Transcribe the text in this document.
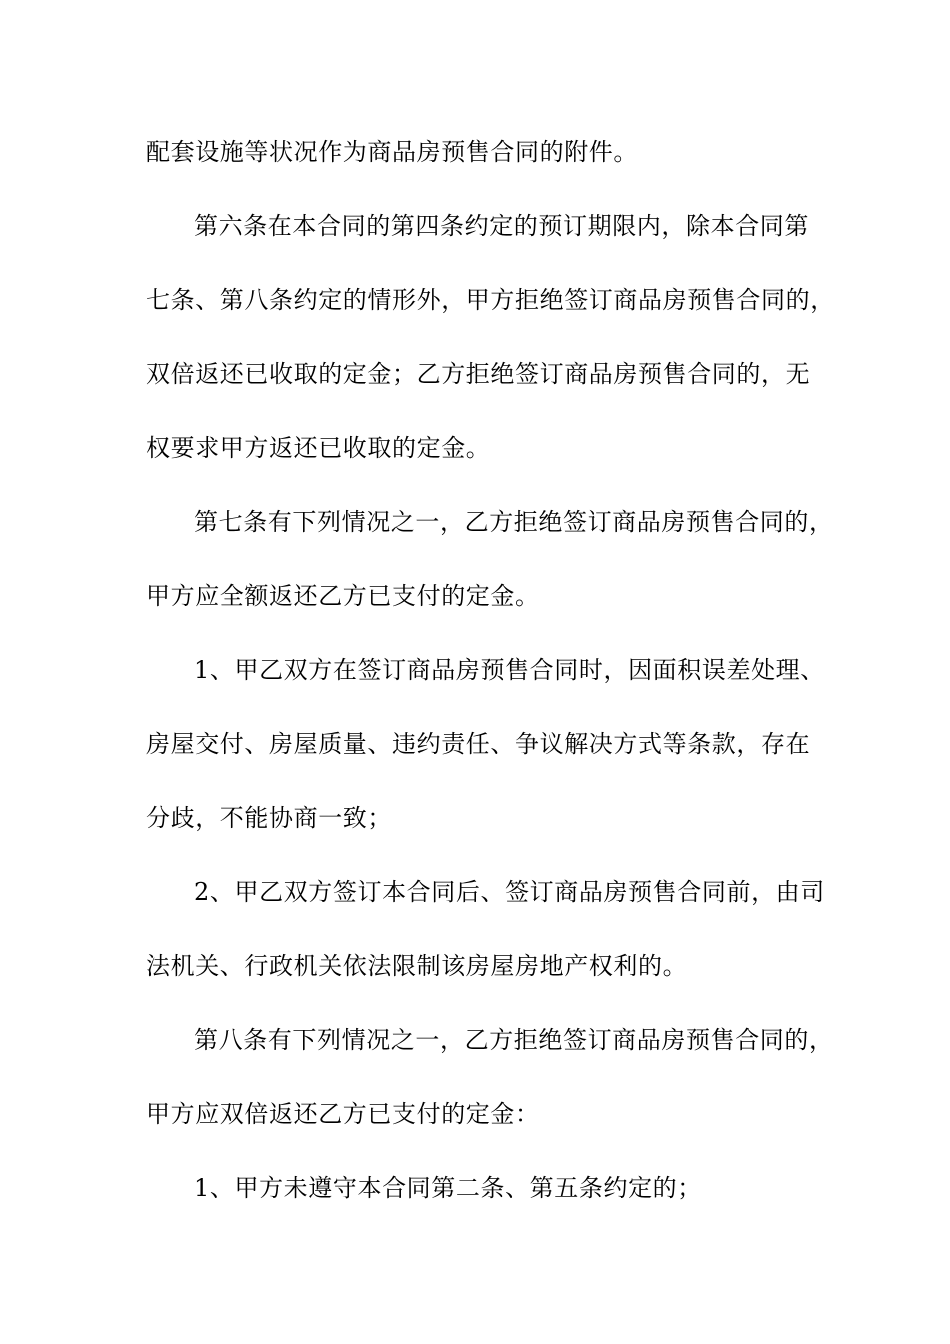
配套设施等状况作为商品房预售合同的附件。
第六条在本合同的第四条约定的预订期限内，除本合同第
七条、第八条约定的情形外，甲方拒绝签订商品房预售合同的，
双倍返还已收取的定金；乙方拒绝签订商品房预售合同的，无
权要求甲方返还已收取的定金。
第七条有下列情况之一，乙方拒绝签订商品房预售合同的，
甲方应全额返还乙方已支付的定金。
1、甲乙双方在签订商品房预售合同时，因面积误差处理、
房屋交付、房屋质量、违约责任、争议解决方式等条款，存在
分歧，不能协商一致；
2、甲乙双方签订本合同后、签订商品房预售合同前，由司
法机关、行政机关依法限制该房屋房地产权利的。
第八条有下列情况之一，乙方拒绝签订商品房预售合同的，
甲方应双倍返还乙方已支付的定金：
1、甲方未遵守本合同第二条、第五条约定的；
